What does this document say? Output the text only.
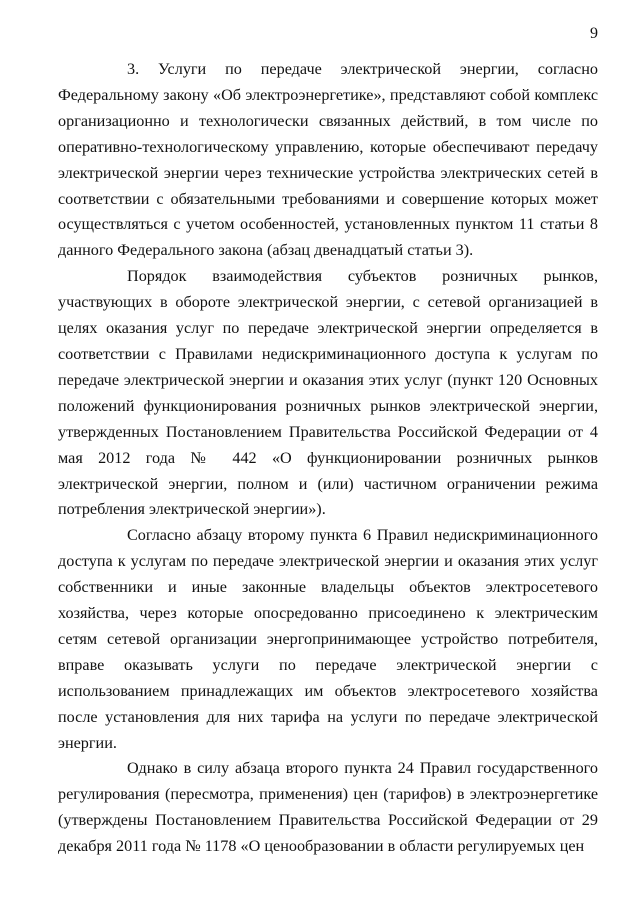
9

3. Услуги по передаче электрической энергии, согласно Федеральному закону «Об электроэнергетике», представляют собой комплекс организационно и технологически связанных действий, в том числе по оперативно-технологическому управлению, которые обеспечивают передачу электрической энергии через технические устройства электрических сетей в соответствии с обязательными требованиями и совершение которых может осуществляться с учетом особенностей, установленных пунктом 11 статьи 8 данного Федерального закона (абзац двенадцатый статьи 3).

Порядок взаимодействия субъектов розничных рынков, участвующих в обороте электрической энергии, с сетевой организацией в целях оказания услуг по передаче электрической энергии определяется в соответствии с Правилами недискриминационного доступа к услугам по передаче электрической энергии и оказания этих услуг (пункт 120 Основных положений функционирования розничных рынков электрической энергии, утвержденных Постановлением Правительства Российской Федерации от 4 мая 2012 года № 442 «О функционировании розничных рынков электрической энергии, полном и (или) частичном ограничении режима потребления электрической энергии»).

Согласно абзацу второму пункта 6 Правил недискриминационного доступа к услугам по передаче электрической энергии и оказания этих услуг собственники и иные законные владельцы объектов электросетевого хозяйства, через которые опосредованно присоединено к электрическим сетям сетевой организации энергопринимающее устройство потребителя, вправе оказывать услуги по передаче электрической энергии с использованием принадлежащих им объектов электросетевого хозяйства после установления для них тарифа на услуги по передаче электрической энергии.

Однако в силу абзаца второго пункта 24 Правил государственного регулирования (пересмотра, применения) цен (тарифов) в электроэнергетике (утверждены Постановлением Правительства Российской Федерации от 29 декабря 2011 года № 1178 «О ценообразовании в области регулируемых цен
